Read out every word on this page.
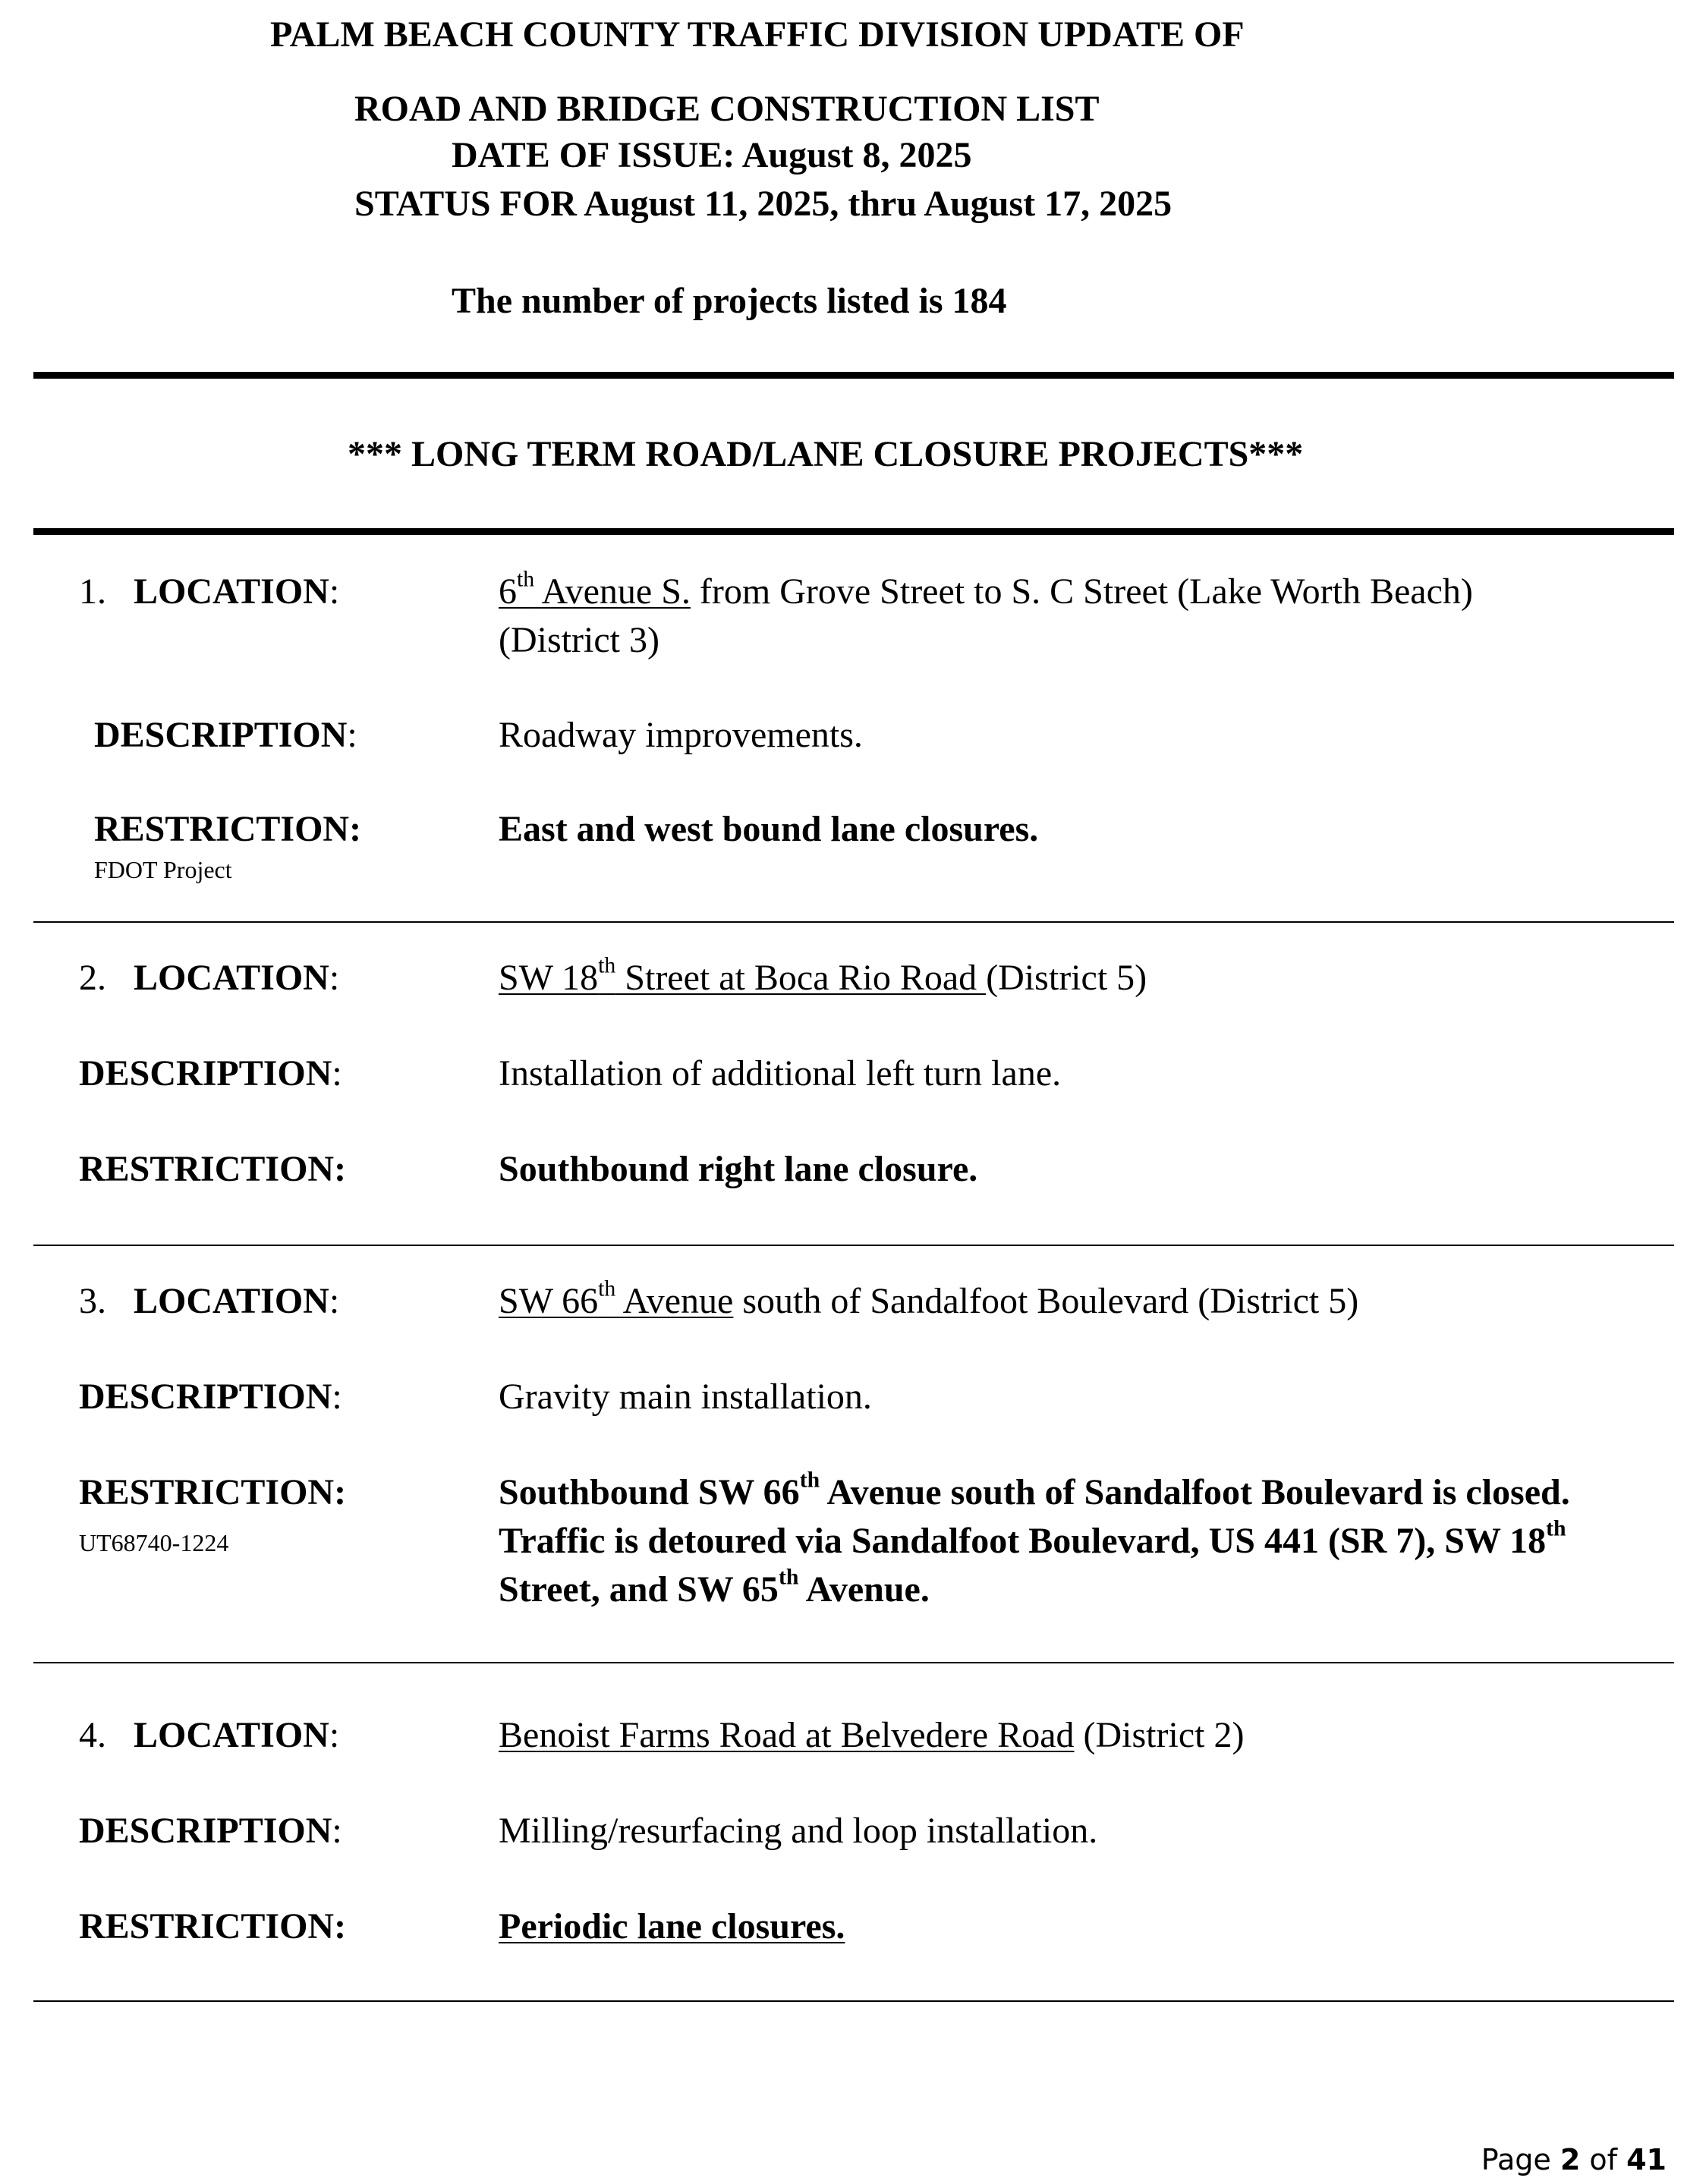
PALM BEACH COUNTY TRAFFIC DIVISION UPDATE OF
ROAD AND BRIDGE CONSTRUCTION LIST
DATE OF ISSUE: August 8, 2025
STATUS FOR August 11, 2025, thru August 17, 2025
The number of projects listed is 184
*** LONG TERM ROAD/LANE CLOSURE PROJECTS***
1. LOCATION:	6th Avenue S. from Grove Street to S. C Street (Lake Worth Beach)
(District 3)
DESCRIPTION:	Roadway improvements.
RESTRICTION:	East and west bound lane closures.
FDOT Project
2. LOCATION:	SW 18th Street at Boca Rio Road (District 5)
DESCRIPTION:	Installation of additional left turn lane.
RESTRICTION:	Southbound right lane closure.
3. LOCATION:	SW 66th Avenue south of Sandalfoot Boulevard (District 5)
DESCRIPTION:	Gravity main installation.
RESTRICTION:	Southbound SW 66th Avenue south of Sandalfoot Boulevard is closed.
Traffic is detoured via Sandalfoot Boulevard, US 441 (SR 7), SW 18th
Street, and SW 65th Avenue.
UT68740-1224
4. LOCATION:	Benoist Farms Road at Belvedere Road (District 2)
DESCRIPTION:	Milling/resurfacing and loop installation.
RESTRICTION:	Periodic lane closures.
Page 2 of 41
